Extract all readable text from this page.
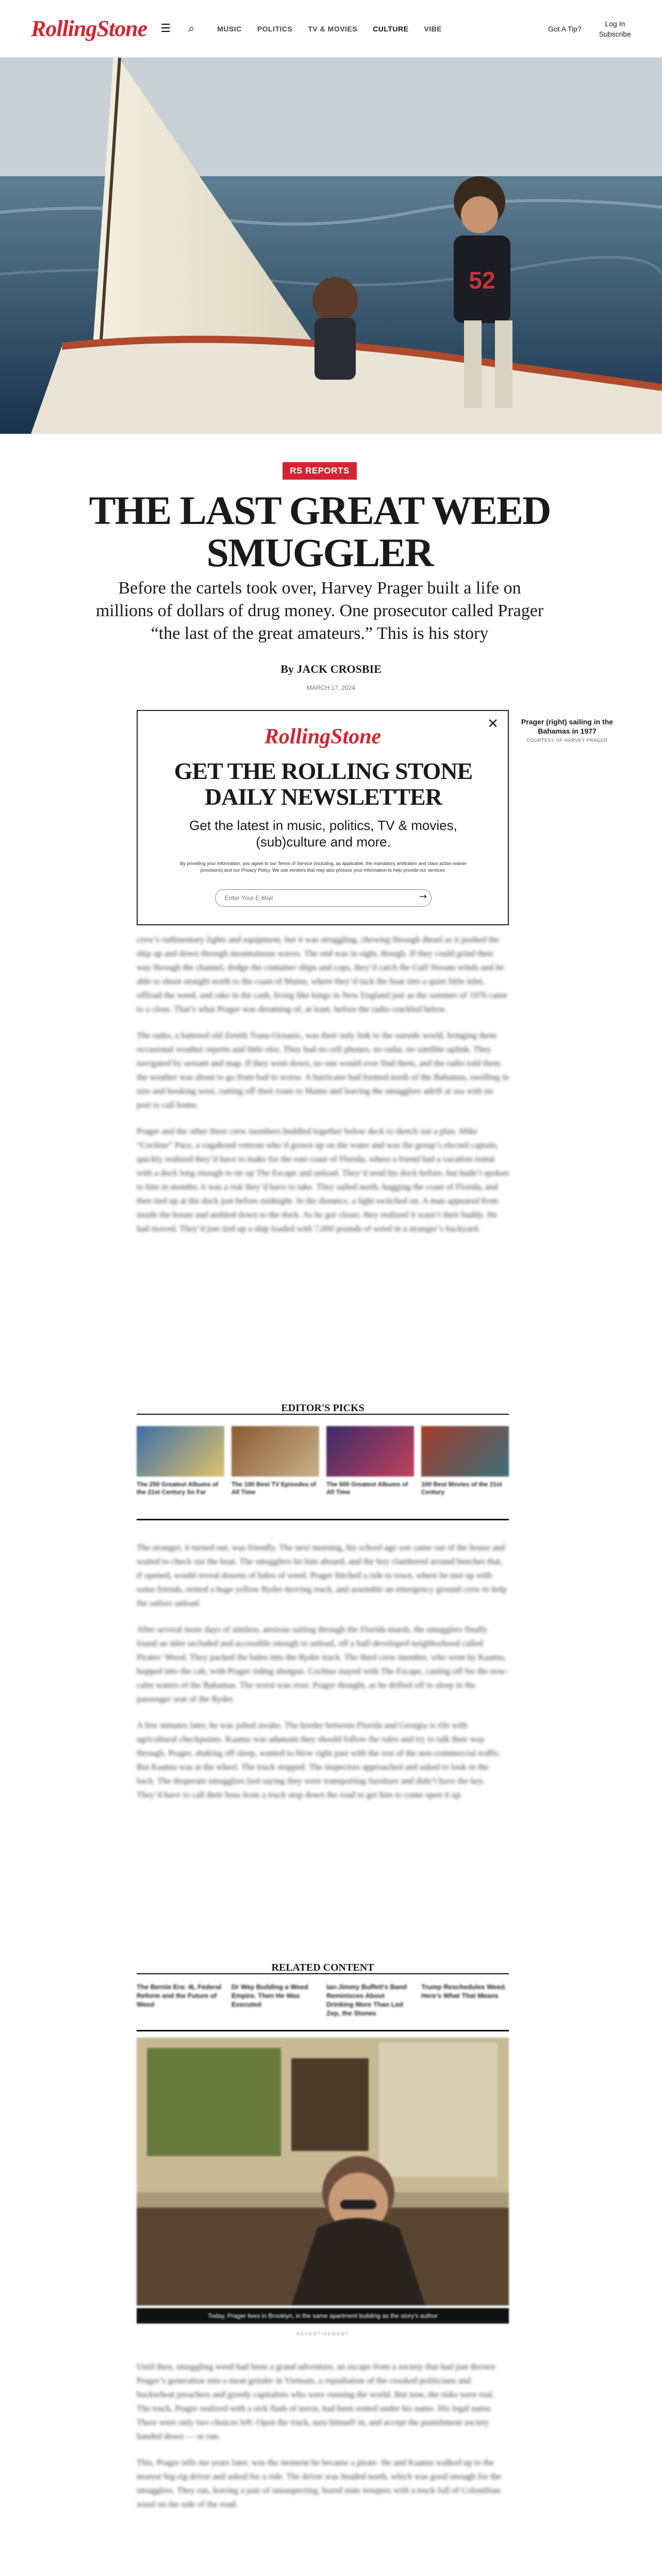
RollingStone ☰	⌕	MUSIC POLITICS TV & MOVIES CULTURE VIBE	Got A Tip?
Log In
Subscribe
52
RS REPORTS
THE LAST GREAT WEED SMUGGLER
Before the cartels took over, Harvey Prager built a life on millions of dollars of drug money. One prosecutor called Prager “the last of the great amateurs.” This is his story
By JACK CROSBIE
MARCH 17, 2024
✕
RollingStone
GET THE ROLLING STONE DAILY NEWSLETTER
Get the latest in music, politics, TV & movies, (sub)culture and more.
By providing your information, you agree to our Terms of Service (including, as applicable, the mandatory arbitration and class action waiver provisions) and our Privacy Policy. We use vendors that may also process your information to help provide our services.
Enter Your E-Mail
→
Prager (right) sailing in the Bahamas in 1977
COURTESY OF HARVEY PRAGER

crew’s rudimentary lights and equipment, but it was struggling, chewing through diesel as it pushed the ship up and down through mountainous waves. The end was in sight, though. If they could grind their way through the channel, dodge the container ships and cops, they’d catch the Gulf Stream winds and be able to shoot straight north to the coast of Maine, where they’d tuck the boat into a quiet little inlet, offload the weed, and rake in the cash, living like kings in New England just as the summer of 1976 came to a close. That’s what Prager was dreaming of, at least, before the radio crackled below.

The radio, a battered old Zenith Trans-Oceanic, was their only link to the outside world, bringing them occasional weather reports and little else. They had no cell phones, no radar, no satellite uplink. They navigated by sextant and map. If they went down, no one would ever find them, and the radio told them the weather was about to go from bad to worse. A hurricane had formed north of the Bahamas, swelling in size and hooking west, cutting off their route to Maine and leaving the smugglers adrift at sea with no port to call home.

Prager and the other three crew members huddled together below deck to sketch out a plan. Mike “Cochise” Pace, a vagabond veteran who’d grown up on the water and was the group’s elected captain, quickly realized they’d have to make for the east coast of Florida, where a friend had a vacation rental with a dock long enough to tie up The Escape and unload. They’d send his dock before, but hadn’t spoken to him in months; it was a risk they’d have to take. They sailed north, hugging the coast of Florida, and then tied up at the dock just before midnight. In the distance, a light switched on. A man appeared from inside the house and ambled down to the dock. As he got closer, they realized it wasn’t their buddy. He had moved. They’d just tied up a ship loaded with 7,000 pounds of weed in a stranger’s backyard.

EDITOR'S PICKS
The 250 Greatest Albums of the 21st Century So Far
The 100 Best TV Episodes of All Time
The 500 Greatest Albums of All Time
100 Best Movies of the 21st Century

The stranger, it turned out, was friendly. The next morning, his school-age son came out of the house and waited to check out the boat. The smugglers let him aboard, and the boy clambered around benches that, if opened, would reveal dozens of bales of weed. Prager hitched a ride to town, where he met up with some friends, rented a huge yellow Ryder moving truck, and assemble an emergency ground crew to help the sailors unload.

After several more days of aimless, anxious sailing through the Florida marsh, the smugglers finally found an inlet secluded and accessible enough to unload, off a half-developed neighborhood called Pirates’ Wood. They packed the bales into the Ryder truck. The third crew member, who went by Kaamu, hopped into the cab, with Prager riding shotgun. Cochise stayed with The Escape, casting off for the now-calm waters of the Bahamas. The worst was over, Prager thought, as he drifted off to sleep in the passenger seat of the Ryder.

A few minutes later, he was jolted awake. The border between Florida and Georgia is rife with agricultural checkpoints. Kaamu was adamant they should follow the rules and try to talk their way through. Prager, shaking off sleep, wanted to blow right past with the rest of the non-commercial traffic. But Kaamu was at the wheel. The truck stopped. The inspectors approached and asked to look in the back. The desperate smugglers lied saying they were transporting furniture and didn’t have the key. They’d have to call their boss from a truck stop down the road to get him to come open it up.

RELATED CONTENT
The Bernie Era: 4L Federal Reform and the Future of Weed
Dr Way Building a Weed Empire. Then He Was Executed
Ian-Jimmy Buffett's Band Reminisces About Drinking More Than Led Zep, the Stones
Trump Reschedules Weed. Here’s What That Means
Today, Prager lives in Brooklyn, in the same apartment building as the story's author
ADVERTISEMENT

Until then, smuggling weed had been a grand adventure, an escape from a society that had just thrown Prager’s generation into a meat grinder in Vietnam, a repudiation of the crooked politicians and buckwheat preachers and greedy capitalists who were running the world. But now, the risks were real. The truck, Prager realized with a sick flash of terror, had been rented under his name. His legal name. There were only two choices left: Open the truck, turn himself in, and accept the punishment society handed down — or run.

This, Prager tells me years later, was the moment he became a pirate. He and Kaamu walked up to the nearest big-rig driver and asked for a ride. The driver was headed north, which was good enough for the smugglers. They ran, leaving a pair of unsuspecting, bored state troopers with a truck full of Colombian weed on the side of the road.
